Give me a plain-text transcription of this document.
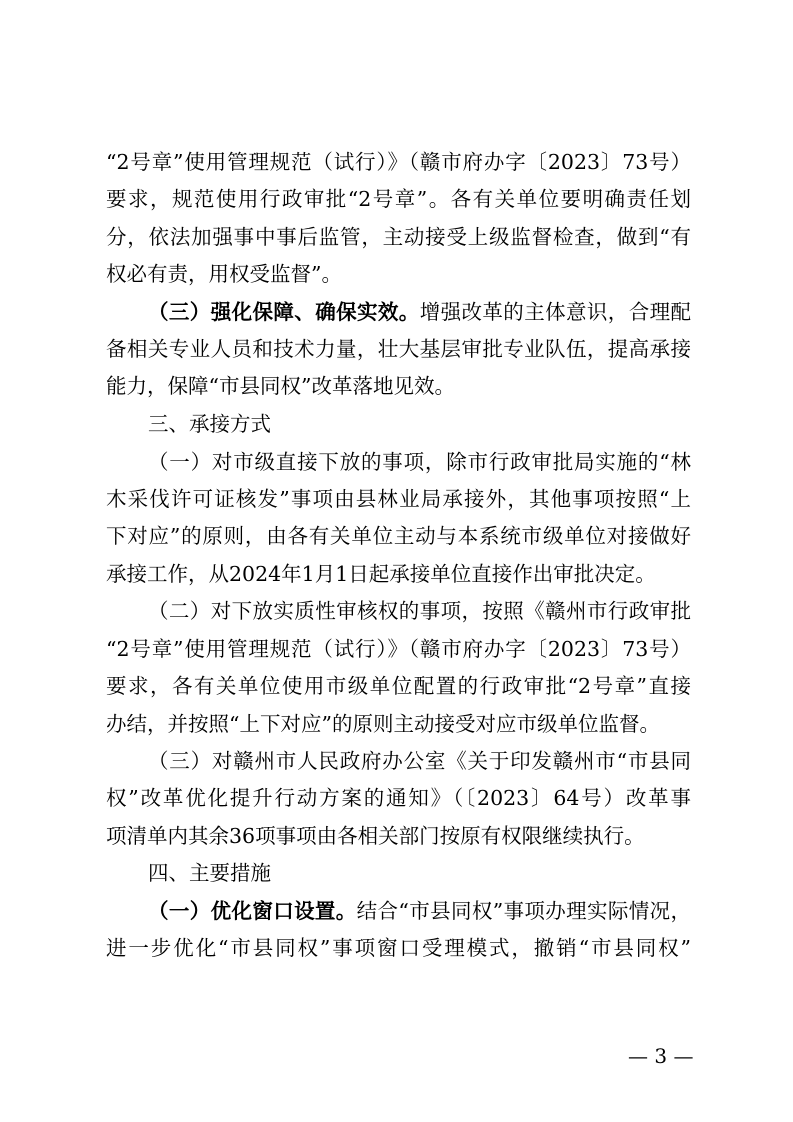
“2号章”使用管理规范（试行）》（赣市府办字〔2023〕73号）
要求，规范使用行政审批“2号章”。各有关单位要明确责任划
分，依法加强事中事后监管，主动接受上级监督检查，做到“有
权必有责，用权受监督”。
（三）强化保障、确保实效。增强改革的主体意识，合理配
备相关专业人员和技术力量，壮大基层审批专业队伍，提高承接
能力，保障“市县同权”改革落地见效。
三、承接方式
（一）对市级直接下放的事项，除市行政审批局实施的“林
木采伐许可证核发”事项由县林业局承接外，其他事项按照“上
下对应”的原则，由各有关单位主动与本系统市级单位对接做好
承接工作，从2024年1月1日起承接单位直接作出审批决定。
（二）对下放实质性审核权的事项，按照《赣州市行政审批
“2号章”使用管理规范（试行）》（赣市府办字〔2023〕73号）
要求，各有关单位使用市级单位配置的行政审批“2号章”直接
办结，并按照“上下对应”的原则主动接受对应市级单位监督。
（三）对赣州市人民政府办公室《关于印发赣州市“市县同
权”改革优化提升行动方案的通知》（〔2023〕64号）改革事
项清单内其余36项事项由各相关部门按原有权限继续执行。
四、主要措施
（一）优化窗口设置。结合“市县同权”事项办理实际情况，
进一步优化“市县同权”事项窗口受理模式，撤销“市县同权”
— 3 —
